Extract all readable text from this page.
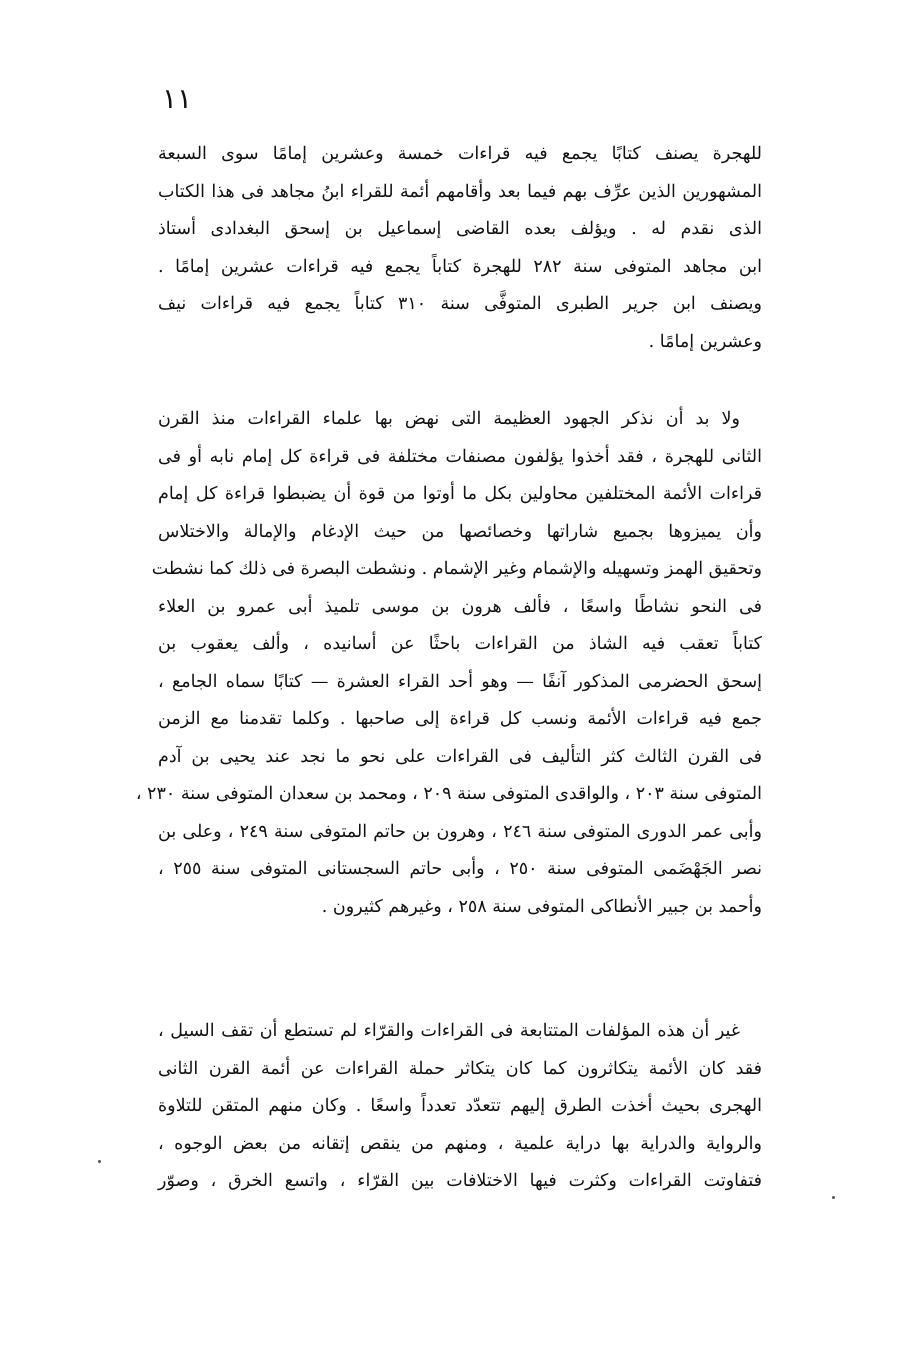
١١
للهجرة يصنف كتابًا يجمع فيه قراءات خمسة وعشرين إمامًا سوى السبعة
المشهورين الذين عرِّف بهم فيما بعد وأقامهم أئمة للقراء ابنُ مجاهد فى هذا الكتاب
الذى نقدم له . ويؤلف بعده القاضى إسماعيل بن إسحق البغدادى أستاذ
ابن مجاهد المتوفى سنة ٢٨٢ للهجرة كتاباً يجمع فيه قراءات عشرين إمامًا .
ويصنف ابن جرير الطبرى المتوفَّى سنة ٣١٠ كتاباً يجمع فيه قراءات نيف
وعشرين إمامًا .
ولا بد أن نذكر الجهود العظيمة التى نهض بها علماء القراءات منذ القرن
الثانى للهجرة ، فقد أخذوا يؤلفون مصنفات مختلفة فى قراءة كل إمام نابه أو فى
قراءات الأئمة المختلفين محاولين بكل ما أوتوا من قوة أن يضبطوا قراءة كل إمام
وأن يميزوها بجميع شاراتها وخصائصها من حيث الإدغام والإمالة والاختلاس
وتحقيق الهمز وتسهيله والإشمام وغير الإشمام . ونشطت البصرة فى ذلك كما نشطت
فى النحو نشاطًا واسعًا ، فألف هرون بن موسى تلميذ أبى عمرو بن العلاء
كتاباً تعقب فيه الشاذ من القراءات باحثًا عن أسانيده ، وألف يعقوب بن
إسحق الحضرمى المذكور آنفًا — وهو أحد القراء العشرة — كتابًا سماه الجامع ،
جمع فيه قراءات الأئمة ونسب كل قراءة إلى صاحبها . وكلما تقدمنا مع الزمن
فى القرن الثالث كثر التأليف فى القراءات على نحو ما نجد عند يحيى بن آدم
المتوفى سنة ٢٠٣ ، والواقدى المتوفى سنة ٢٠٩ ، ومحمد بن سعدان المتوفى سنة ٢٣٠ ،
وأبى عمر الدورى المتوفى سنة ٢٤٦ ، وهرون بن حاتم المتوفى سنة ٢٤٩ ، وعلى بن
نصر الجَهْضَمى المتوفى سنة ٢٥٠ ، وأبى حاتم السجستانى المتوفى سنة ٢٥٥ ،
وأحمد بن جبير الأنطاكى المتوفى سنة ٢٥٨ ، وغيرهم كثيرون .
غير أن هذه المؤلفات المتتابعة فى القراءات والقرّاء لم تستطع أن تقف السيل ،
فقد كان الأئمة يتكاثرون كما كان يتكاثر حملة القراءات عن أئمة القرن الثانى
الهجرى بحيث أخذت الطرق إليهم تتعدّد تعدداً واسعًا . وكان منهم المتقن للتلاوة
والرواية والدراية بها دراية علمية ، ومنهم من ينقص إتقانه من بعض الوجوه ،
فتفاوتت القراءات وكثرت فيها الاختلافات بين القرّاء ، واتسع الخرق ، وصوّر
